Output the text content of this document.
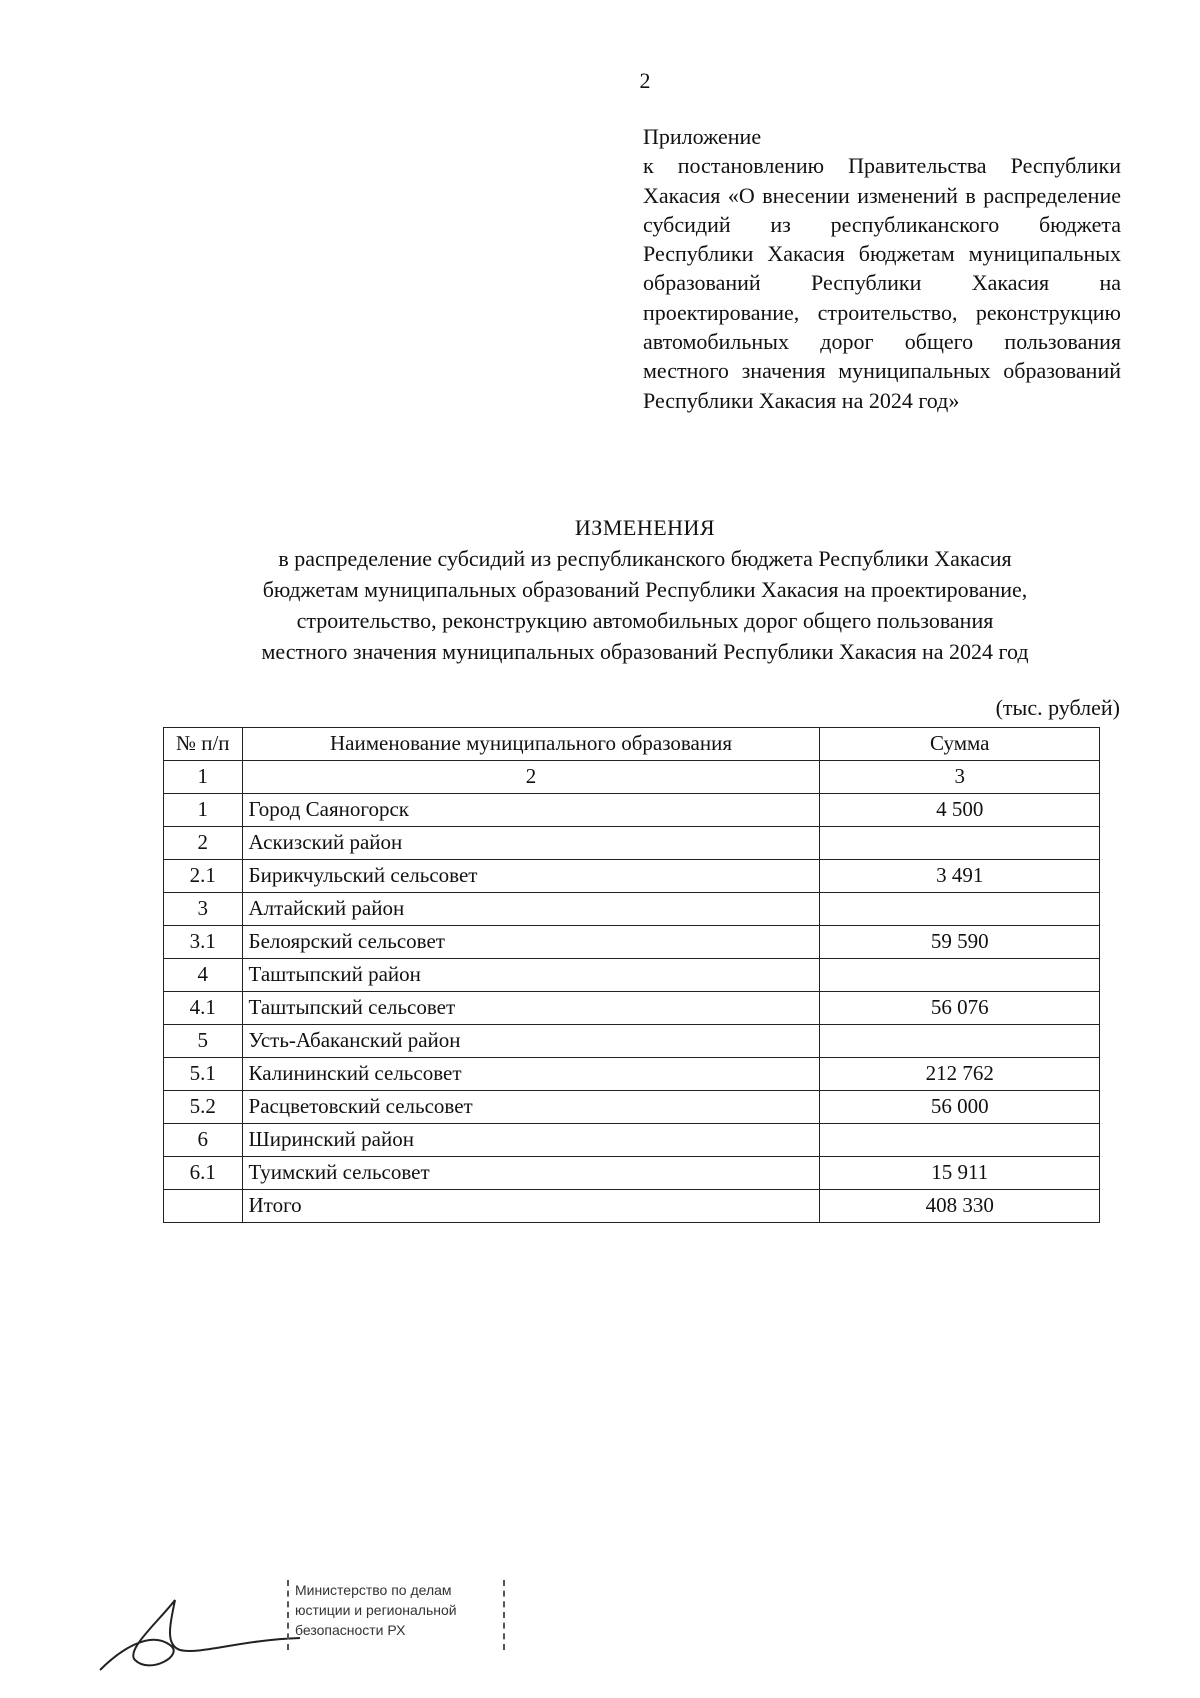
2
Приложение
к постановлению Правительства Республики Хакасия «О внесении изменений в распределение субсидий из республиканского бюджета Республики Хакасия бюджетам муниципальных образований Республики Хакасия на проектирование, строительство, реконструкцию автомобильных дорог общего пользования местного значения муниципальных образований Республики Хакасия на 2024 год»
ИЗМЕНЕНИЯ
в распределение субсидий из республиканского бюджета Республики Хакасия
бюджетам муниципальных образований Республики Хакасия на проектирование,
строительство, реконструкцию автомобильных дорог общего пользования
местного значения муниципальных образований Республики Хакасия на 2024 год
(тыс. рублей)
№ п/п	Наименование муниципального образования	Сумма
1	2	3
1	Город Саяногорск	4 500
2	Аскизский район	
2.1	Бирикчульский сельсовет	3 491
3	Алтайский район	
3.1	Белоярский сельсовет	59 590
4	Таштыпский район	
4.1	Таштыпский сельсовет	56 076
5	Усть-Абаканский район	
5.1	Калининский сельсовет	212 762
5.2	Расцветовский сельсовет	56 000
6	Ширинский район	
6.1	Туимский сельсовет	15 911
	Итого	408 330
Министерство по делам
юстиции и региональной
безопасности РХ
